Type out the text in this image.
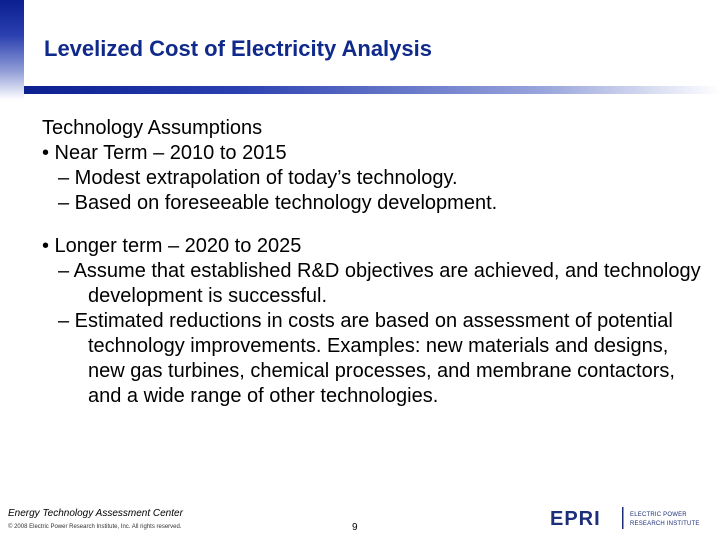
Levelized Cost of Electricity Analysis
Technology Assumptions
• Near Term – 2010 to 2015
– Modest extrapolation of today’s technology.
– Based on foreseeable technology development.
• Longer term – 2020 to 2025
– Assume that established R&D objectives are achieved, and technology development is successful.
– Estimated reductions in costs are based on assessment of potential technology improvements. Examples: new materials and designs, new gas turbines, chemical processes, and membrane contactors, and a wide range of other technologies.
Energy Technology Assessment Center
© 2008 Electric Power Research Institute, Inc. All rights reserved.	9	EPRI	ELECTRIC POWER
RESEARCH INSTITUTE
